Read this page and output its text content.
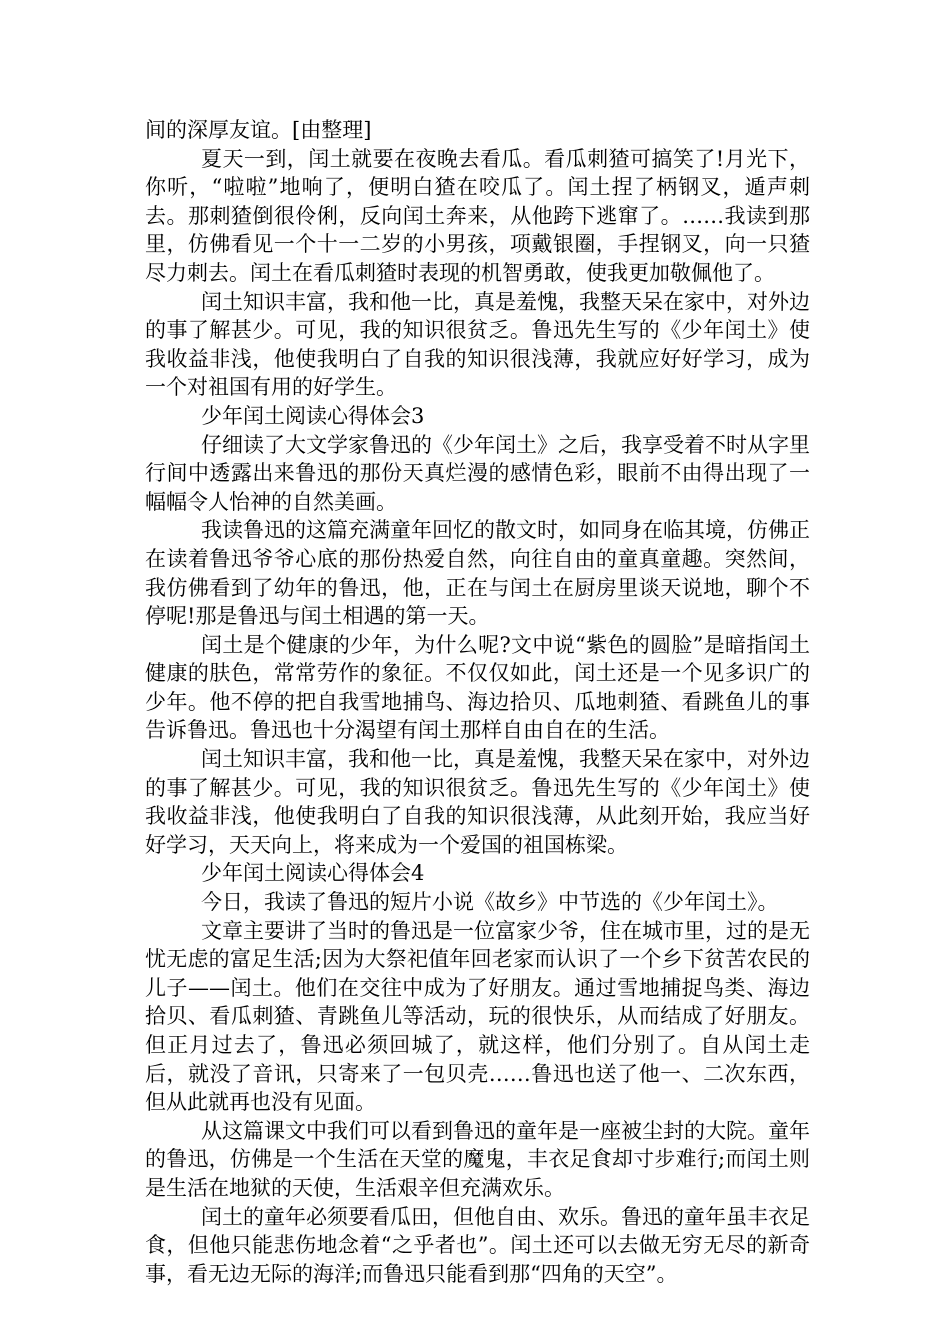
间的深厚友谊。[由整理]

夏天一到，闰土就要在夜晚去看瓜。看瓜刺猹可搞笑了!月光下，你听，“啦啦”地响了，便明白猹在咬瓜了。闰土捏了柄钢叉，遁声刺去。那刺猹倒很伶俐，反向闰土奔来，从他跨下逃窜了。……我读到那里，仿佛看见一个十一二岁的小男孩，项戴银圈，手捏钢叉，向一只猹尽力刺去。闰土在看瓜刺猹时表现的机智勇敢，使我更加敬佩他了。

闰土知识丰富，我和他一比，真是羞愧，我整天呆在家中，对外边的事了解甚少。可见，我的知识很贫乏。鲁迅先生写的《少年闰土》使我收益非浅，他使我明白了自我的知识很浅薄，我就应好好学习，成为一个对祖国有用的好学生。

少年闰土阅读心得体会3

仔细读了大文学家鲁迅的《少年闰土》之后，我享受着不时从字里行间中透露出来鲁迅的那份天真烂漫的感情色彩，眼前不由得出现了一幅幅令人怡神的自然美画。

我读鲁迅的这篇充满童年回忆的散文时，如同身在临其境，仿佛正在读着鲁迅爷爷心底的那份热爱自然，向往自由的童真童趣。突然间，我仿佛看到了幼年的鲁迅，他，正在与闰土在厨房里谈天说地，聊个不停呢!那是鲁迅与闰土相遇的第一天。

闰土是个健康的少年，为什么呢?文中说“紫色的圆脸”是暗指闰土健康的肤色，常常劳作的象征。不仅仅如此，闰土还是一个见多识广的少年。他不停的把自我雪地捕鸟、海边拾贝、瓜地刺猹、看跳鱼儿的事告诉鲁迅。鲁迅也十分渴望有闰土那样自由自在的生活。

闰土知识丰富，我和他一比，真是羞愧，我整天呆在家中，对外边的事了解甚少。可见，我的知识很贫乏。鲁迅先生写的《少年闰土》使我收益非浅，他使我明白了自我的知识很浅薄，从此刻开始，我应当好好学习，天天向上，将来成为一个爱国的祖国栋梁。

少年闰土阅读心得体会4

今日，我读了鲁迅的短片小说《故乡》中节选的《少年闰土》。

文章主要讲了当时的鲁迅是一位富家少爷，住在城市里，过的是无忧无虑的富足生活;因为大祭祀值年回老家而认识了一个乡下贫苦农民的儿子——闰土。他们在交往中成为了好朋友。通过雪地捕捉鸟类、海边拾贝、看瓜刺猹、青跳鱼儿等活动，玩的很快乐，从而结成了好朋友。但正月过去了，鲁迅必须回城了，就这样，他们分别了。自从闰土走后，就没了音讯，只寄来了一包贝壳……鲁迅也送了他一、二次东西，但从此就再也没有见面。

从这篇课文中我们可以看到鲁迅的童年是一座被尘封的大院。童年的鲁迅，仿佛是一个生活在天堂的魔鬼，丰衣足食却寸步难行;而闰土则是生活在地狱的天使，生活艰辛但充满欢乐。

闰土的童年必须要看瓜田，但他自由、欢乐。鲁迅的童年虽丰衣足食，但他只能悲伤地念着“之乎者也”。闰土还可以去做无穷无尽的新奇事，看无边无际的海洋;而鲁迅只能看到那“四角的天空”。
